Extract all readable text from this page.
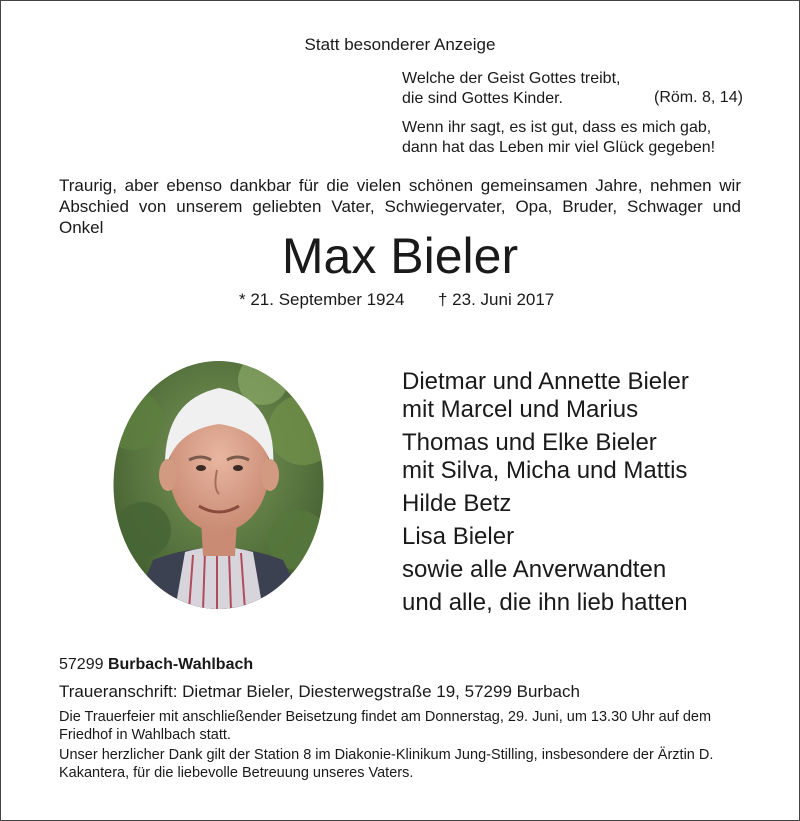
Statt besonderer Anzeige

Welche der Geist Gottes treibt,
die sind Gottes Kinder.	(Röm. 8, 14)
Wenn ihr sagt, es ist gut, dass es mich gab,
dann hat das Leben mir viel Glück gegeben!
Traurig, aber ebenso dankbar für die vielen schönen gemeinsamen Jahre, nehmen wir
Abschied von unserem geliebten Vater, Schwiegervater, Opa, Bruder, Schwager und Onkel
Max Bieler
* 21. September 1924 † 23. Juni 2017
Dietmar und Annette Bieler
mit Marcel und Marius
Thomas und Elke Bieler
mit Silva, Micha und Mattis
Hilde Betz
Lisa Bieler
sowie alle Anverwandten
und alle, die ihn lieb hatten
57299 Burbach-Wahlbach
Traueranschrift: Dietmar Bieler, Diesterwegstraße 19, 57299 Burbach
Die Trauerfeier mit anschließender Beisetzung findet am Donnerstag, 29. Juni, um 13.30 Uhr auf dem Friedhof in Wahlbach statt.
Unser herzlicher Dank gilt der Station 8 im Diakonie-Klinikum Jung-Stilling, insbesondere der Ärztin D. Kakantera, für die liebevolle Betreuung unseres Vaters.
